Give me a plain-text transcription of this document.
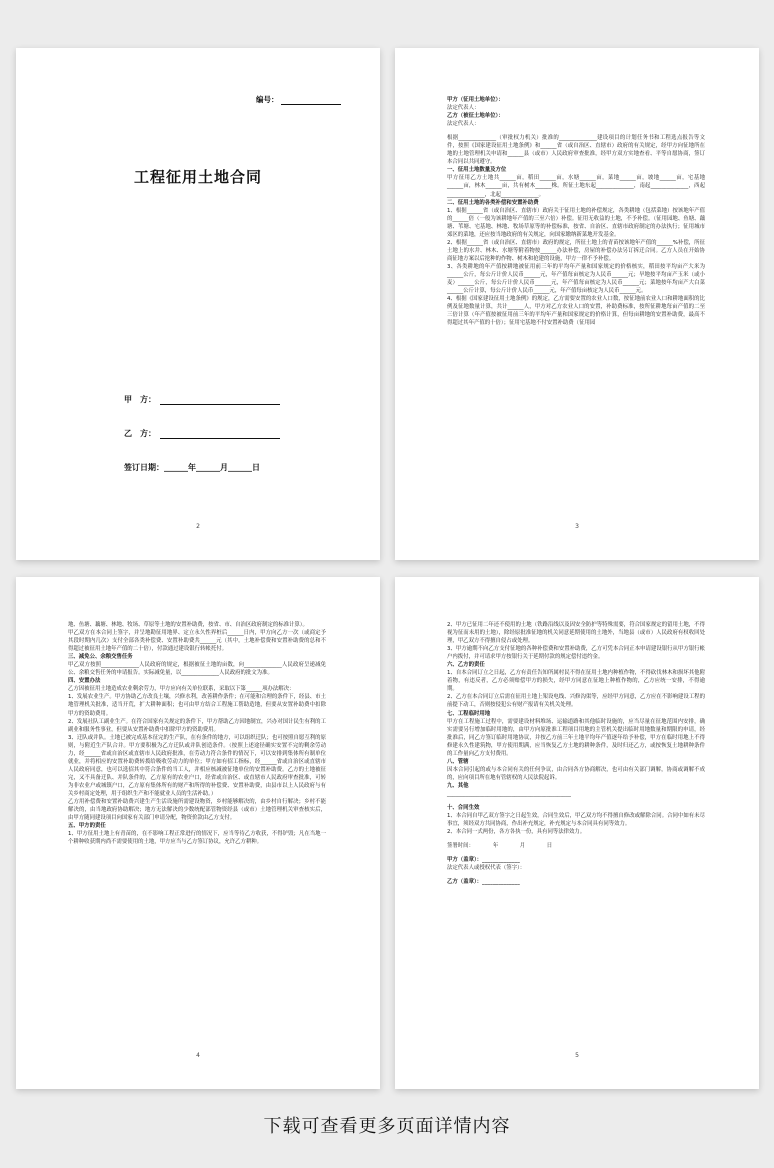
编号：
工程征用土地合同
甲　方：
乙　方：
签订日期：______年______月______日
2

甲方（征用土地单位）：

法定代表人：

乙方（被征土地单位）：

法定代表人：

根据______________（审批权力机关）批准的______________建设项目的计划任务书和工程选点报告等文件，按照《国家建设征用土地条例》和______省（或自治区、直辖市）政府的有关规定，经甲方向征地所在地的土地管理机关申请和______县（或市）人民政府审查批准，经甲方双方实地查看、平等自愿协商，签订本合同以共同遵守。

一、征用土地数量及方位

甲方征用乙方土地共______亩，稻田______亩，水塘______亩，菜地______亩，坡地______亩，宅基地______亩，林木______亩，共有树木______株。所征土地东起______________，南起______________，西起______________，北起______________。

二、征用土地的各类补偿和安置补助费

1、根据______省（或自治区、直辖市）政府关于征用土地的补偿规定，各类耕地（包括菜地）按该地年产值的______倍（一般为该耕地年产值的三至六倍）补偿。征用无收益的土地，不予补偿。（征用园地、鱼塘、藕塘、苇塘、宅基地、林地、牧场草原等的补偿标准，按省、自治区、直辖市政府制定的办法执行；征用城市郊区的菜地，还应按当地政府的有关规定，向国家缴纳新菜地开发基金。

2、根据______省（或自治区、直辖市）政府的规定，所征土地上的青苗按该地年产值的______%补偿，所征土地上的水井、林木、水塘等附着物按______办法补偿，房屋的补偿办法另订拆迁合同。乙方人员在开始协商征地方案以后抢种的作物、树木和抢建的设施，甲方一律不予补偿。

3、各类耕地的年产值按耕地被征用前三年的平均年产量和国家规定的价格核实，稻田按平均亩产大米为______公斤，每公斤计价人民币______元，年产值每亩核定为人民币______元；旱地按平均亩产玉米（或小麦）______公斤，每公斤计价人民币______元，年产值每亩核定为人民币______元；菜地按年均亩产大白菜______公斤计算，每公斤计价人民币______元，年产值每亩核定为人民币______元。

4、根据《国家建设征用土地条例》的规定，乙方需要安置的农业人口数，按征地前农业人口和耕地面积的比例及征地数量计算，共计______人，甲方对乙方农业人口的安置，补助费标准，按所征耕地每亩产值的二至三倍计算（年产值按被征用前三年的平均年产量和国家规定的价格计算，但每亩耕地的安置补助费，最高不得超过其年产值的十倍）；征用宅基地不付安置补助费（征用园

3

地、鱼塘、藕塘、林地、牧场、草原等土地的安置补助费，按省、市、自治区政府制定的标准计算）。

甲乙双方在本合同上签字，并呈地勘征用地界、定立永久性界桩后______日内，甲方向乙方一次（或商定予其段时期内几次）支付全部各类补偿费、安置补助费共______元（其中，土地补偿费和安置补助费的总和不得超过被征用土地年产值的二十倍），付款通过建设银行转帐托付。

三、减免公、余粮交售任务

甲乙双方按照______________人民政府的规定，根据被征土地的亩数，向______________人民政府呈递减免公、余粮交售任务的申请报告。实际减免量，以______________人民政府的批文为准。

四、安置办法

乙方因被征用土地造成农业剩余劳力，甲方应向有关单位联系，采取以下第______项办法解决：

1、发展农业生产。甲方协助乙方改良土壤，兴修水利，改善耕作条件；在可能和合理的条件下，经县、市土地管理机关批准，适当开荒，扩大耕种面积；也可由甲方结合工程施工帮助造地，但要从安置补助费中扣除甲方的资助费用。

2、发展社队工副业生产。在符合国家有关规定的条件下，甲方帮助乙方因地制宜，兴办对国计民生有利的工副业和服务性事业，但要从安置补助费中扣除甲方的资助费用。

3、迁队或并队。土地已被完成基本征完的生产队，在有条件的地方，可以组织迁队；也可按照自愿互利的原则，与附近生产队合并。甲方要积极为乙方迁队或并队创造条件。（按照上述途径确实安置不完的剩余劳动力，经______省或自治区或直辖市人民政府批准，在劳动力符合条件的情况下，可以安排到集体所有制单位就业，并将相应的安置补助费转拨给吸收劳动力的单位；甲方如有招工指标，经______省或自治区或直辖市人民政府同意，也可以选招其中符合条件的当工人，并相应核减被征地单位的安置补助费。乙方的土地被征完，又不具备迁队、并队条件的，乙方原有的农业户口，经省或自治区、或直辖市人民政府审查批准，可转为非农业户或城镇户口，乙方原有集体所有的财产和所得的补偿费、安置补助费，由县市以上人民政府与有关乡村商定处理，用于组织生产和不能就业人员的生活补助。）

乙方用补偿费和安置补助费兴建生产生活设施所需建设物资，乡村能够解决的，由乡村自行解决；乡村不能解决的，由当地政府协助解决；地方无法解决的少数统配部管物资经县（或市）土地管理机关审查核实后，由甲方随同建设项目向国家有关部门申请分配，物资价款由乙方支付。

五、甲方的责任

1、甲方征用土地上有青苗的，在不影响工程正常进行的情况下，应当等待乙方收获，不得铲毁；凡在当地一个耕种收获期内尚不需要使用的土地，甲方应当与乙方签订协议，允许乙方耕种。

4

2、甲方已征用二年还不使用的土地（铁路沿线以及因安全防护等特殊需要，符合国家规定的留用土地，不得视为征而未用的土地），除经原批准征地的机关同意延期使用的土地外，当地县（或市）人民政府有权收回处理，甲乙双方不得擅自侵占或处理。

3、甲方逾期不向乙方支付征地的各种补偿费和安置补助费，乙方可凭本合同正本申请建设银行从甲方银行帐户内拨付，并可请求甲方按银行关于延期付款的规定偿付违约金。

六、乙方的责任

1、自本合同订立之日起，乙方有责任告知所属村民不得在征用土地内种植作物，不得砍伐林木和损坏其他附着物，有违反者，乙方必须赔偿甲方的损失，经甲方同意在征地上种植作物的，乙方应统一安排，不得逾期。

2、乙方在本合同订立后需在征用土地上架设电线、兴修沟渠等，应经甲方同意，乙方应在不影响建设工程的前提下动工，否则按侵犯公有财产报请有关机关处理。

七、工程临时用地

甲方在工程施工过程中，需要建设材料堆场、运输道路和其他临时设施的，应当尽量在征地范围内安排，确实需要另行增加临时用地的，由甲方向原批准工程项目用地的主管机关提出临时用地数量和期限的申请，经批准后，同乙方签订临时用地协议，并按乙方前三年土地平均年产值逐年给予补偿，甲方在临时用地上不得修建永久性建筑物，甲方使用期满，应当恢复乙方土地的耕种条件，及时归还乙方，或按恢复土地耕种条件的工作量向乙方支付费用。

八、管辖

因本合同引起的或与本合同有关的任何争议，由合同各方协商解决，也可由有关部门调解，协商或调解不成的，应向项目所在地有管辖权的人民法院起诉。

九、其他

______________________________________________

十、合同生效

1、本合同自甲乙双方签字之日起生效，合同生效后，甲乙双方均不得擅自修改或解除合同。合同中如有未尽事宜，须经双方共同协商，作出补充规定，补充规定与本合同具有同等效力。

2、本合同一式两份，各方各执一份，具有同等法律效力。

签署时间：　　　　年　　　　月　　　　日

甲方（盖章）：______________

法定代表人或授权代表（签字）：

乙方（盖章）：______________

5
下载可查看更多页面详情内容
